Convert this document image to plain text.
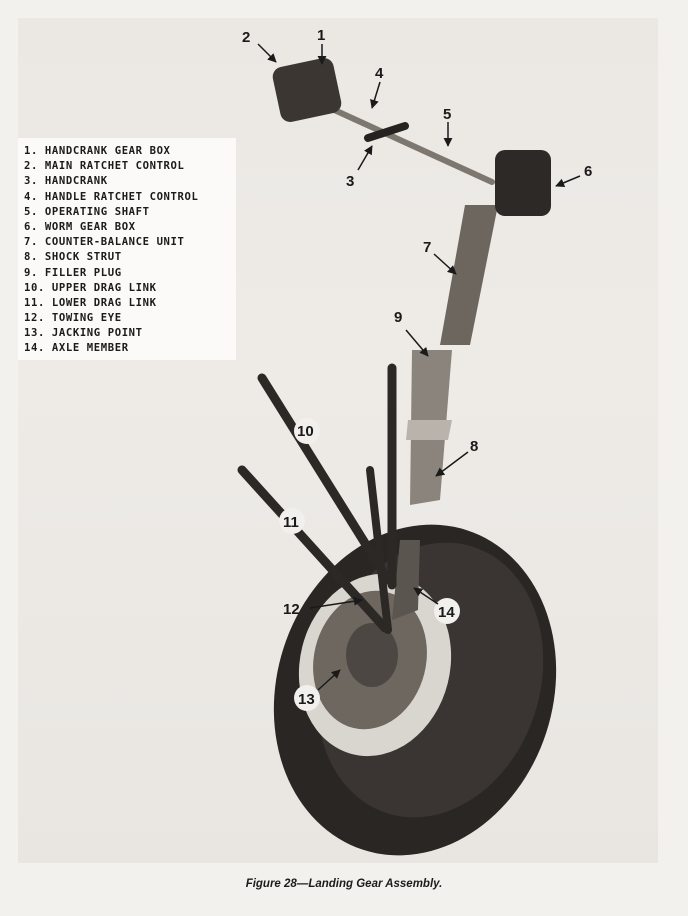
1. HANDCRANK GEAR BOX
2. MAIN RATCHET CONTROL
3. HANDCRANK
4. HANDLE RATCHET CONTROL
5. OPERATING SHAFT
6. WORM GEAR BOX
7. COUNTER-BALANCE UNIT
8. SHOCK STRUT
9. FILLER PLUG
10. UPPER DRAG LINK
11. LOWER DRAG LINK
12. TOWING EYE
13. JACKING POINT
14. AXLE MEMBER
1
2
3
4
5
6
7
8
9
10
11
12
13
14
Figure 28—Landing Gear Assembly.
